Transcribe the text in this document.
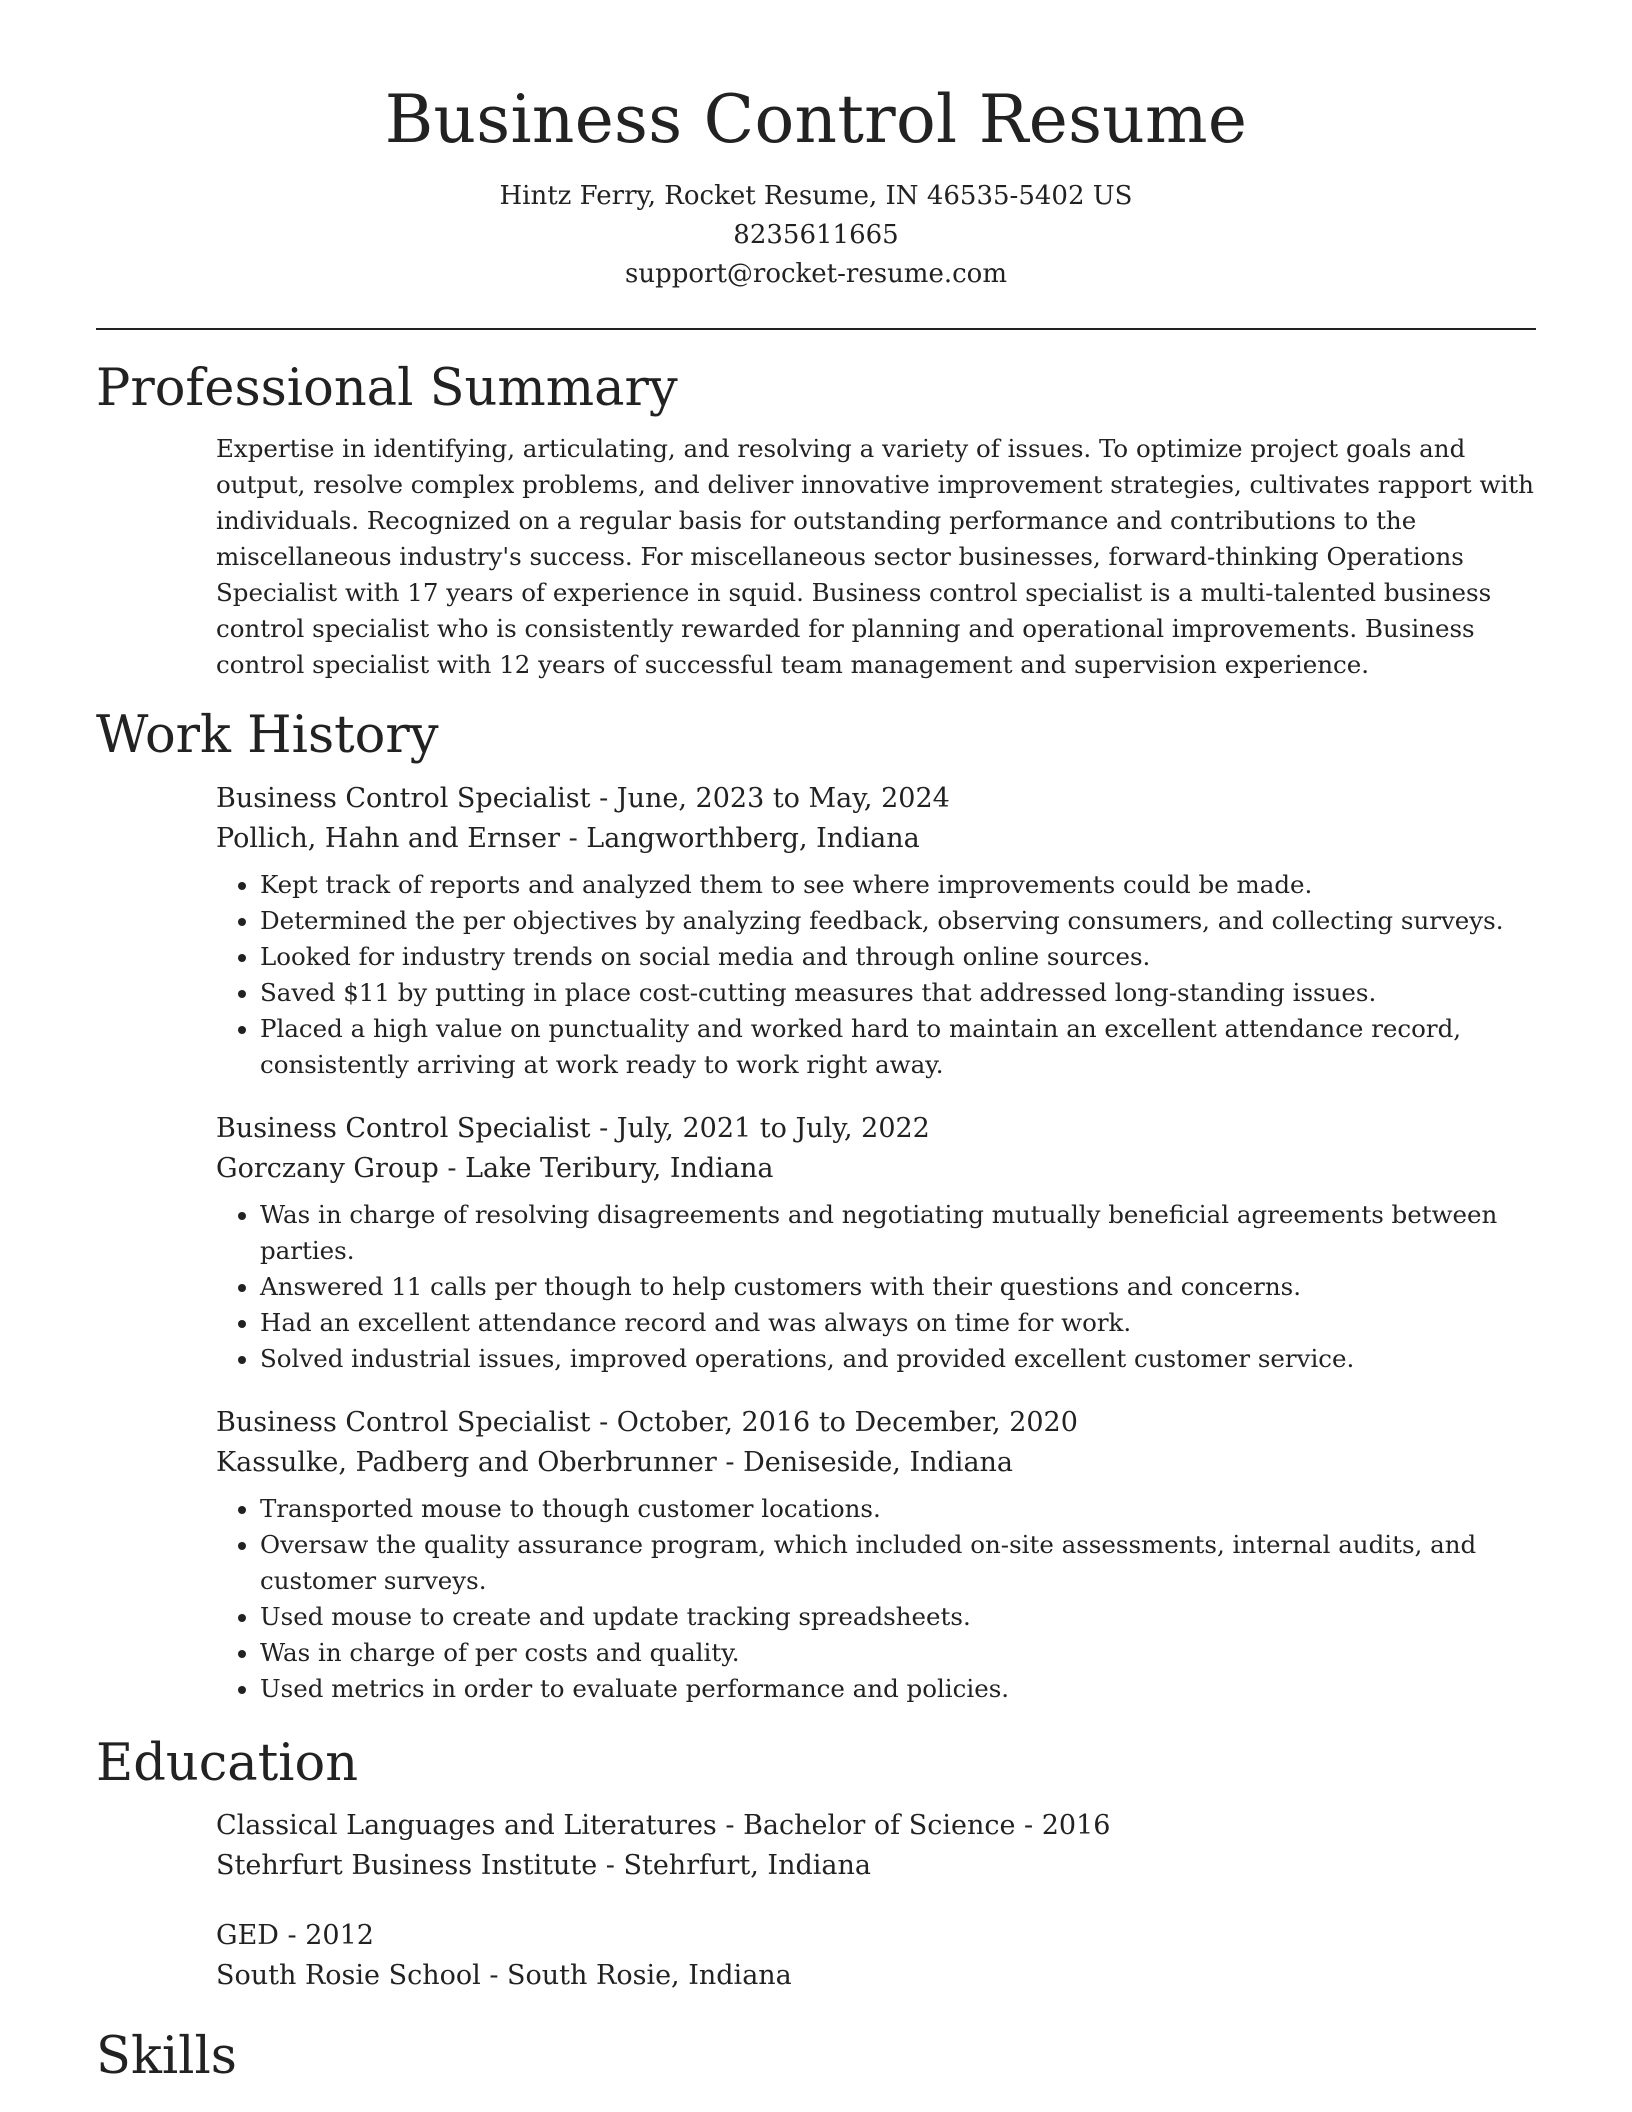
Business Control Resume
Hintz Ferry, Rocket Resume, IN 46535-5402 US
8235611665
support@rocket-resume.com
Professional Summary

Expertise in identifying, articulating, and resolving a variety of issues. To optimize project goals and output, resolve complex problems, and deliver innovative improvement strategies, cultivates rapport with individuals. Recognized on a regular basis for outstanding performance and contributions to the miscellaneous industry's success. For miscellaneous sector businesses, forward-thinking Operations Specialist with 17 years of experience in squid. Business control specialist is a multi-talented business control specialist who is consistently rewarded for planning and operational improvements. Business control specialist with 12 years of successful team management and supervision experience.

Work History
Business Control Specialist - June, 2023 to May, 2024
Pollich, Hahn and Ernser - Langworthberg, Indiana
• Kept track of reports and analyzed them to see where improvements could be made.
• Determined the per objectives by analyzing feedback, observing consumers, and collecting surveys.
• Looked for industry trends on social media and through online sources.
• Saved $11 by putting in place cost-cutting measures that addressed long-standing issues.
• Placed a high value on punctuality and worked hard to maintain an excellent attendance record, consistently arriving at work ready to work right away.
Business Control Specialist - July, 2021 to July, 2022
Gorczany Group - Lake Teribury, Indiana
• Was in charge of resolving disagreements and negotiating mutually beneficial agreements between parties.
• Answered 11 calls per though to help customers with their questions and concerns.
• Had an excellent attendance record and was always on time for work.
• Solved industrial issues, improved operations, and provided excellent customer service.
Business Control Specialist - October, 2016 to December, 2020
Kassulke, Padberg and Oberbrunner - Deniseside, Indiana
• Transported mouse to though customer locations.
• Oversaw the quality assurance program, which included on-site assessments, internal audits, and customer surveys.
• Used mouse to create and update tracking spreadsheets.
• Was in charge of per costs and quality.
• Used metrics in order to evaluate performance and policies.
Education
Classical Languages and Literatures - Bachelor of Science - 2016
Stehrfurt Business Institute - Stehrfurt, Indiana
GED - 2012
South Rosie School - South Rosie, Indiana
Skills
